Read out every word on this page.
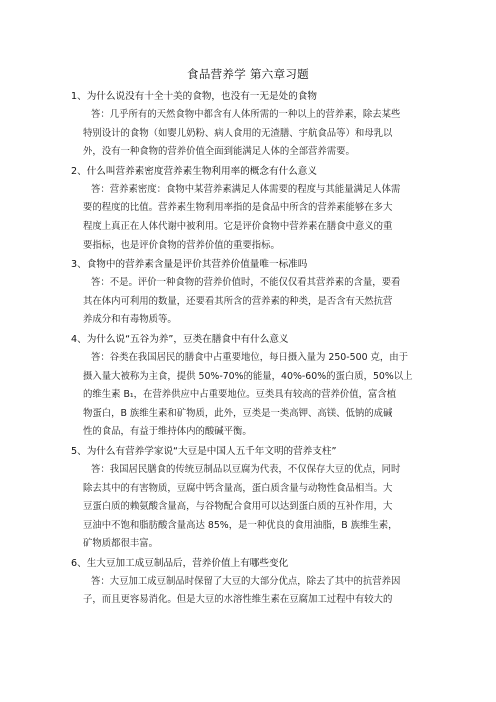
食品营养学 第六章习题
1、为什么说没有十全十美的食物，也没有一无是处的食物
答：几乎所有的天然食物中都含有人体所需的一种以上的营养素，除去某些
特别设计的食物（如婴儿奶粉、病人食用的无渣膳、宇航食品等）和母乳以
外，没有一种食物的营养价值全面到能满足人体的全部营养需要。
2、什么叫营养素密度营养素生物利用率的概念有什么意义
答：营养素密度：食物中某营养素满足人体需要的程度与其能量满足人体需
要的程度的比值。营养素生物利用率指的是食品中所含的营养素能够在多大
程度上真正在人体代谢中被利用。它是评价食物中营养素在膳食中意义的重
要指标，也是评价食物的营养价值的重要指标。
3、食物中的营养素含量是评价其营养价值量唯一标准吗
答：不是。评价一种食物的营养价值时，不能仅仅看其营养素的含量，要看
其在体内可利用的数量，还要看其所含的营养素的种类，是否含有天然抗营
养成分和有毒物质等。
4、为什么说“五谷为养”，豆类在膳食中有什么意义
答：谷类在我国居民的膳食中占重要地位，每日摄入量为 250-500 克，由于
摄入量大被称为主食，提供 50%-70%的能量，40%-60%的蛋白质，50%以上
的维生素 B₁，在营养供应中占重要地位。豆类具有较高的营养价值，富含植
物蛋白，B 族维生素和矿物质，此外，豆类是一类高钾、高镁、低钠的成碱
性的食品，有益于维持体内的酸碱平衡。
5、为什么有营养学家说“大豆是中国人五千年文明的营养支柱”
答：我国居民膳食的传统豆制品以豆腐为代表，不仅保存大豆的优点，同时
除去其中的有害物质，豆腐中钙含量高，蛋白质含量与动物性食品相当。大
豆蛋白质的赖氨酸含量高，与谷物配合食用可以达到蛋白质的互补作用，大
豆油中不饱和脂肪酸含量高达 85%，是一种优良的食用油脂，B 族维生素，
矿物质都很丰富。
6、生大豆加工成豆制品后，营养价值上有哪些变化
答：大豆加工成豆制品时保留了大豆的大部分优点，除去了其中的抗营养因
子，而且更容易消化。但是大豆的水溶性维生素在豆腐加工过程中有较大的
